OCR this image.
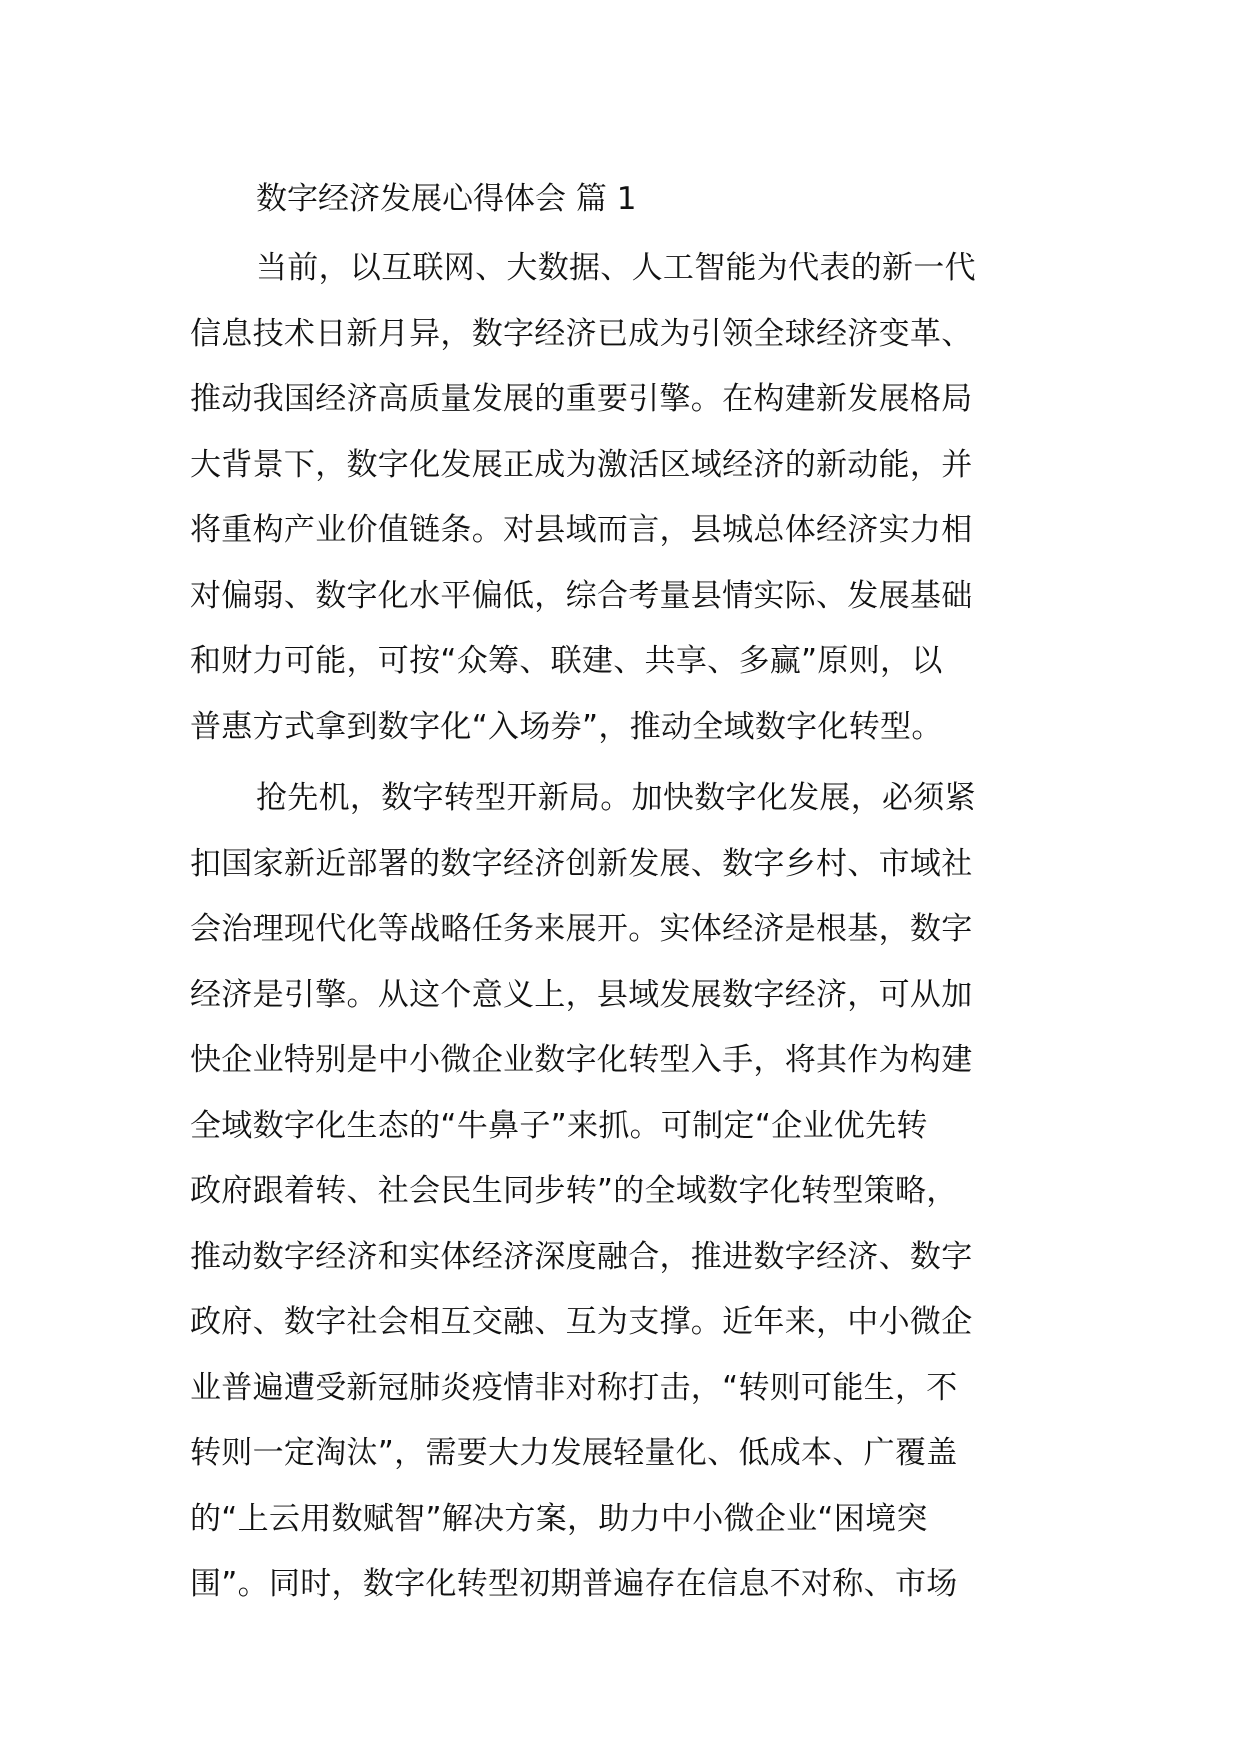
数字经济发展心得体会 篇 1

当前，以互联网、大数据、人工智能为代表的新一代
信息技术日新月异，数字经济已成为引领全球经济变革、
推动我国经济高质量发展的重要引擎。在构建新发展格局
大背景下，数字化发展正成为激活区域经济的新动能，并
将重构产业价值链条。对县域而言，县城总体经济实力相
对偏弱、数字化水平偏低，综合考量县情实际、发展基础
和财力可能，可按“众筹、联建、共享、多赢”原则，以
普惠方式拿到数字化“入场券”，推动全域数字化转型。

抢先机，数字转型开新局。加快数字化发展，必须紧
扣国家新近部署的数字经济创新发展、数字乡村、市域社
会治理现代化等战略任务来展开。实体经济是根基，数字
经济是引擎。从这个意义上，县域发展数字经济，可从加
快企业特别是中小微企业数字化转型入手，将其作为构建
全域数字化生态的“牛鼻子”来抓。可制定“企业优先转
政府跟着转、社会民生同步转”的全域数字化转型策略，
推动数字经济和实体经济深度融合，推进数字经济、数字
政府、数字社会相互交融、互为支撑。近年来，中小微企
业普遍遭受新冠肺炎疫情非对称打击，“转则可能生，不
转则一定淘汰”，需要大力发展轻量化、低成本、广覆盖
的“上云用数赋智”解决方案，助力中小微企业“困境突
围”。同时，数字化转型初期普遍存在信息不对称、市场
